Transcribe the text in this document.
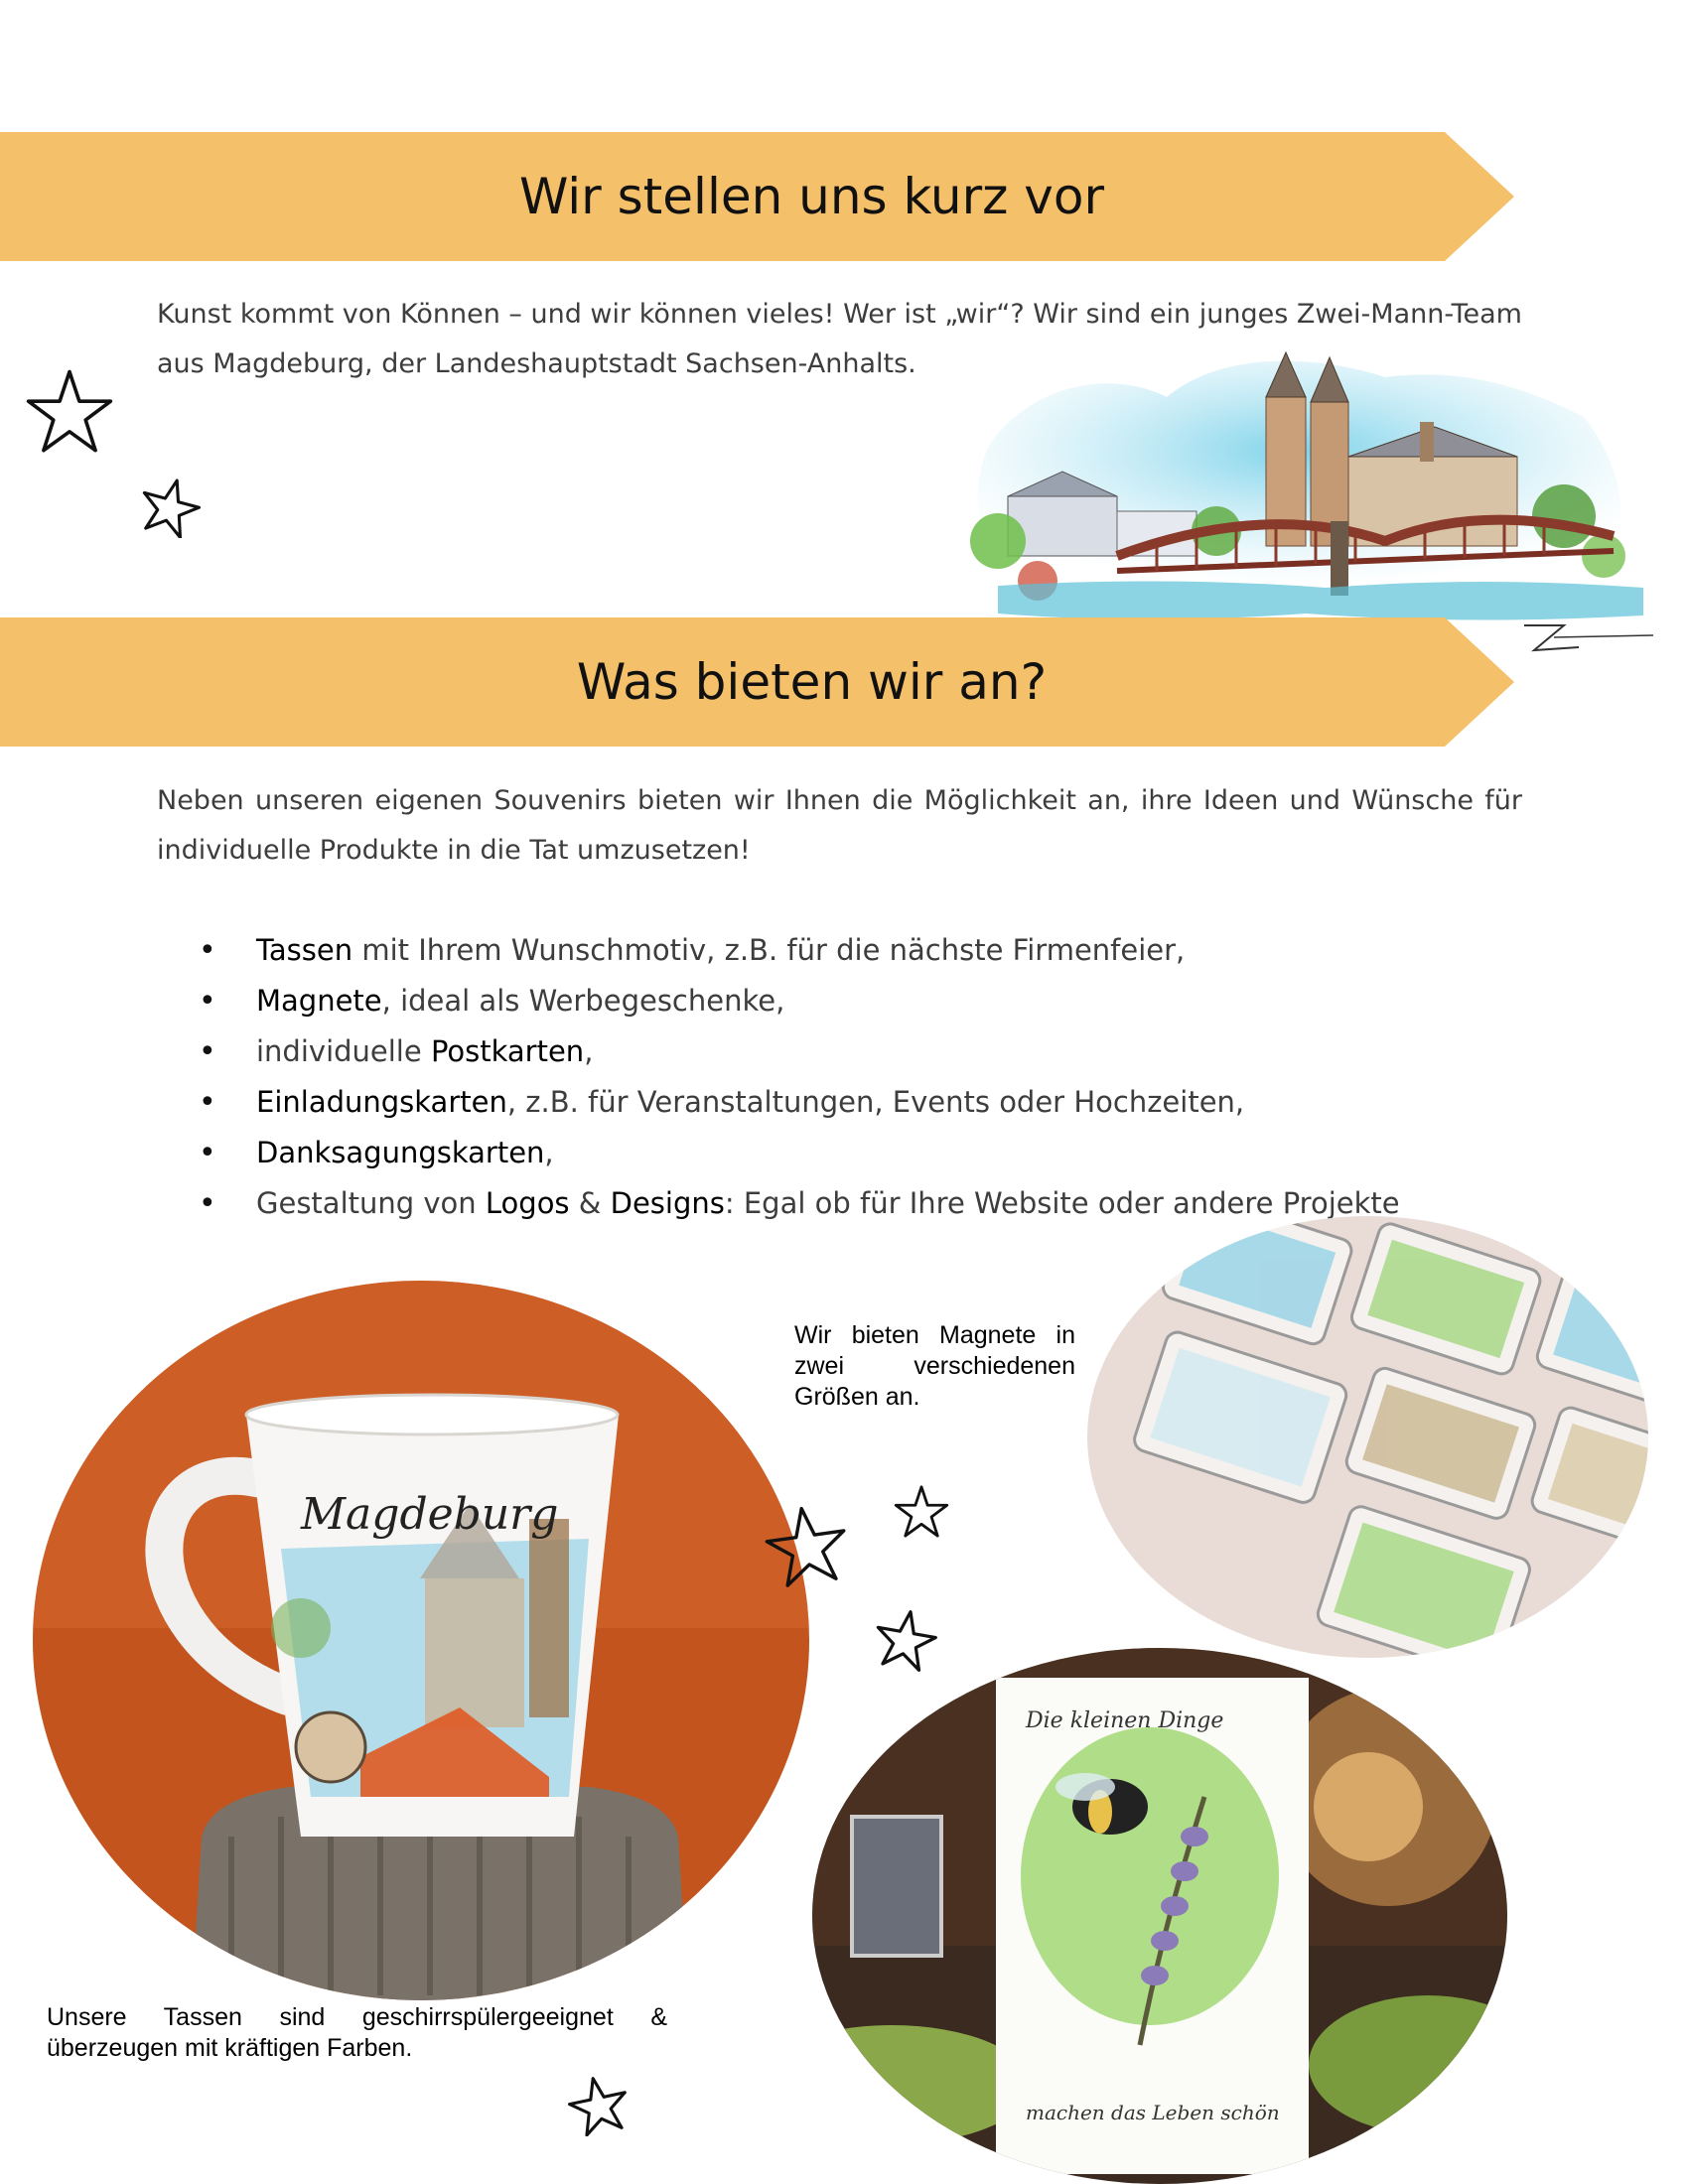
Wir stellen uns kurz vor

Kunst kommt von Können – und wir können vieles! Wer ist „wir“? Wir sind ein junges Zwei-Mann-Team aus Magdeburg, der Landeshauptstadt Sachsen-Anhalts.

Was bieten wir an?

Neben unseren eigenen Souvenirs bieten wir Ihnen die Möglichkeit an, ihre Ideen und Wünsche für individuelle Produkte in die Tat umzusetzen!

• Tassen mit Ihrem Wunschmotiv, z.B. für die nächste Firmenfeier,
• Magnete, ideal als Werbegeschenke,
• individuelle Postkarten,
• Einladungskarten, z.B. für Veranstaltungen, Events oder Hochzeiten,
• Danksagungskarten,
• Gestaltung von Logos & Designs: Egal ob für Ihre Website oder andere Projekte

Wir bieten Magnete in zwei verschiedenen Größen an.

Magdeburg

Unsere Tassen sind geschirrspülergeeignet & überzeugen mit kräftigen Farben.

Die kleinen Dinge
machen das Leben schön
